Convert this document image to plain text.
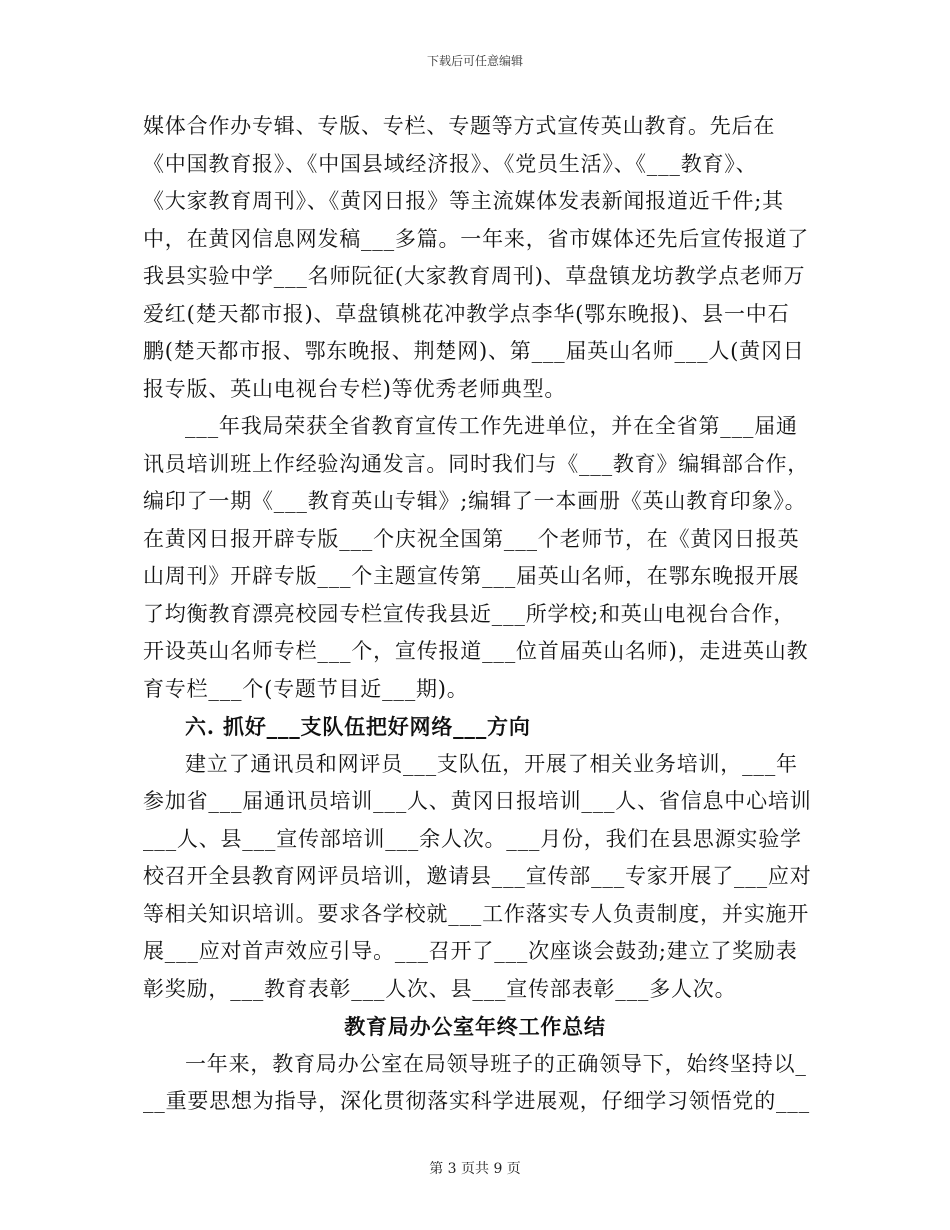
下载后可任意编辑
媒体合作办专辑、专版、专栏、专题等方式宣传英山教育。先后在
《中国教育报》、《中国县域经济报》、《党员生活》、《___教育》、
《大家教育周刊》、《黄冈日报》等主流媒体发表新闻报道近千件;其
中，在黄冈信息网发稿___多篇。一年来，省市媒体还先后宣传报道了
我县实验中学___名师阮征(大家教育周刊)、草盘镇龙坊教学点老师万
爱红(楚天都市报)、草盘镇桃花冲教学点李华(鄂东晚报)、县一中石
鹏(楚天都市报、鄂东晚报、荆楚网)、第___届英山名师___人(黄冈日
报专版、英山电视台专栏)等优秀老师典型。
___年我局荣获全省教育宣传工作先进单位，并在全省第___届通
讯员培训班上作经验沟通发言。同时我们与《___教育》编辑部合作，
编印了一期《___教育英山专辑》;编辑了一本画册《英山教育印象》。
在黄冈日报开辟专版___个庆祝全国第___个老师节，在《黄冈日报英
山周刊》开辟专版___个主题宣传第___届英山名师，在鄂东晚报开展
了均衡教育漂亮校园专栏宣传我县近___所学校;和英山电视台合作，
开设英山名师专栏___个，宣传报道___位首届英山名师)，走进英山教
育专栏___个(专题节目近___期)。
六. 抓好___支队伍把好网络___方向
建立了通讯员和网评员___支队伍，开展了相关业务培训，___年
参加省___届通讯员培训___人、黄冈日报培训___人、省信息中心培训
___人、县___宣传部培训___余人次。___月份，我们在县思源实验学
校召开全县教育网评员培训，邀请县___宣传部___专家开展了___应对
等相关知识培训。要求各学校就___工作落实专人负责制度，并实施开
展___应对首声效应引导。___召开了___次座谈会鼓劲;建立了奖励表
彰奖励，___教育表彰___人次、县___宣传部表彰___多人次。
教育局办公室年终工作总结
一年来，教育局办公室在局领导班子的正确领导下，始终坚持以_
__重要思想为指导，深化贯彻落实科学进展观，仔细学习领悟党的___
第 3 页共 9 页
